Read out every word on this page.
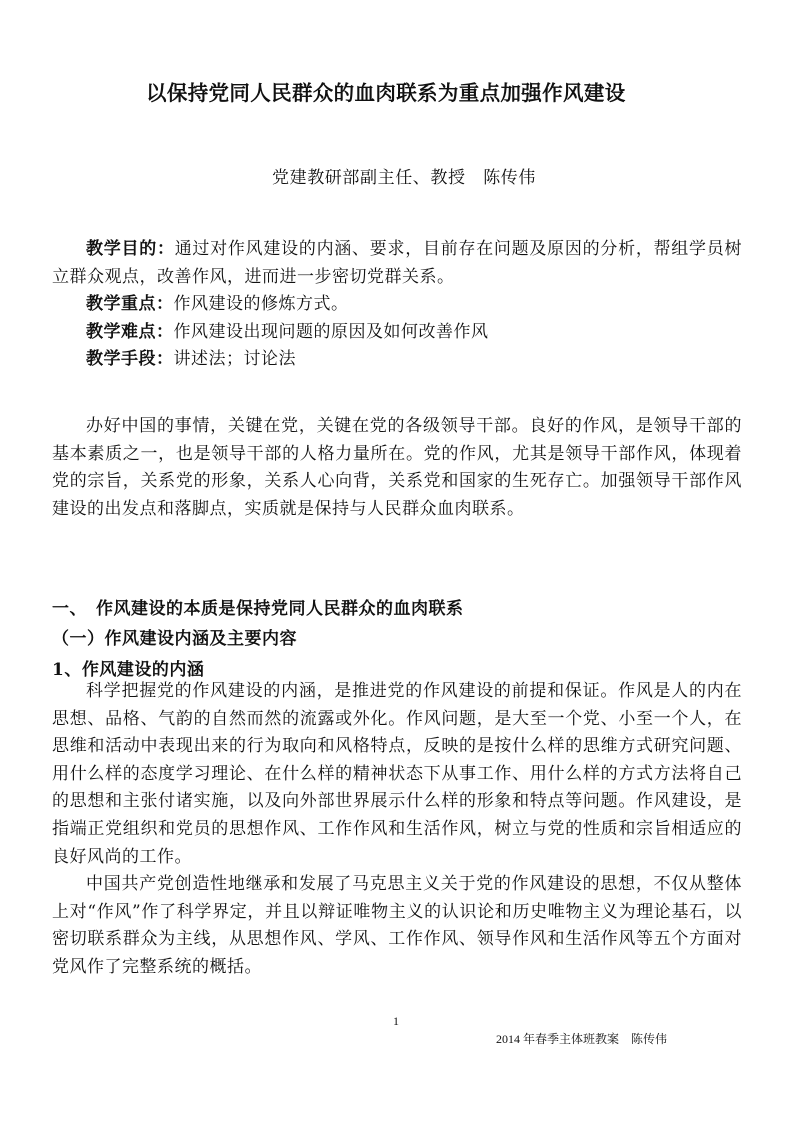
以保持党同人民群众的血肉联系为重点加强作风建设
党建教研部副主任、教授　陈传伟

教学目的：通过对作风建设的内涵、要求，目前存在问题及原因的分析，帮组学员树立群众观点，改善作风，进而进一步密切党群关系。

教学重点：作风建设的修炼方式。

教学难点：作风建设出现问题的原因及如何改善作风

教学手段：讲述法；讨论法

办好中国的事情，关键在党，关键在党的各级领导干部。良好的作风，是领导干部的基本素质之一，也是领导干部的人格力量所在。党的作风，尤其是领导干部作风，体现着党的宗旨，关系党的形象，关系人心向背，关系党和国家的生死存亡。加强领导干部作风建设的出发点和落脚点，实质就是保持与人民群众血肉联系。

一、　作风建设的本质是保持党同人民群众的血肉联系
（一）作风建设内涵及主要内容
1、作风建设的内涵

科学把握党的作风建设的内涵，是推进党的作风建设的前提和保证。作风是人的内在思想、品格、气韵的自然而然的流露或外化。作风问题，是大至一个党、小至一个人，在思维和活动中表现出来的行为取向和风格特点，反映的是按什么样的思维方式研究问题、用什么样的态度学习理论、在什么样的精神状态下从事工作、用什么样的方式方法将自己的思想和主张付诸实施，以及向外部世界展示什么样的形象和特点等问题。作风建设，是指端正党组织和党员的思想作风、工作作风和生活作风，树立与党的性质和宗旨相适应的良好风尚的工作。

中国共产党创造性地继承和发展了马克思主义关于党的作风建设的思想，不仅从整体上对“作风”作了科学界定，并且以辩证唯物主义的认识论和历史唯物主义为理论基石，以密切联系群众为主线，从思想作风、学风、工作作风、领导作风和生活作风等五个方面对党风作了完整系统的概括。

1
2014 年春季主体班教案　陈传伟
